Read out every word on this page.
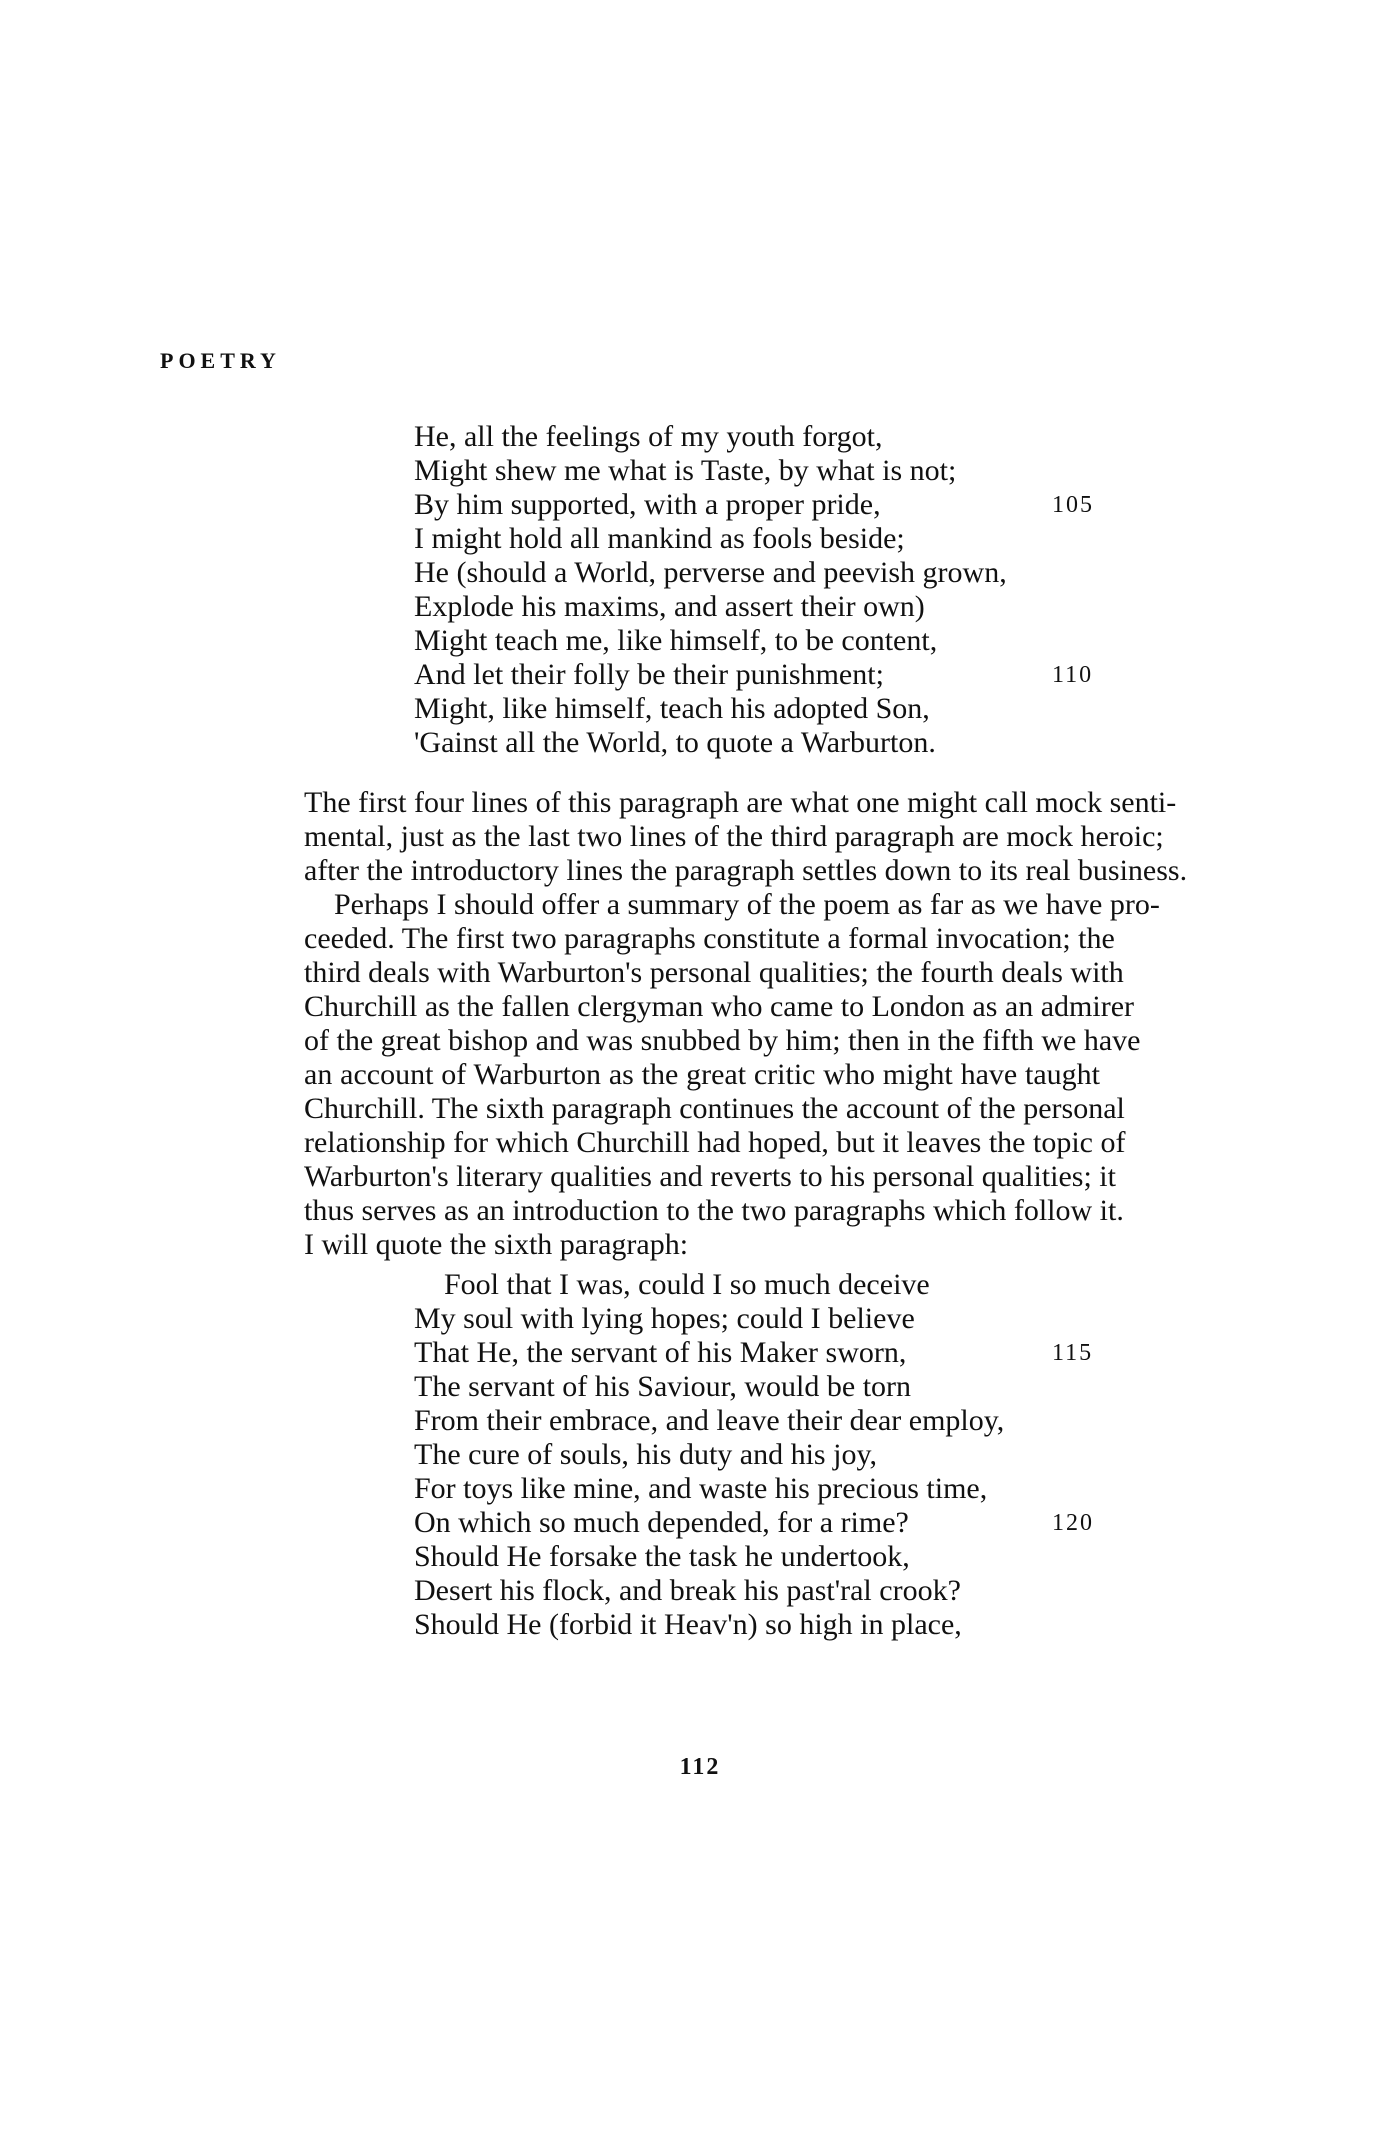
POETRY
He, all the feelings of my youth forgot,
Might shew me what is Taste, by what is not;
By him supported, with a proper pride,
I might hold all mankind as fools beside;
He (should a World, perverse and peevish grown,
Explode his maxims, and assert their own)
Might teach me, like himself, to be content,
And let their folly be their punishment;
Might, like himself, teach his adopted Son,
'Gainst all the World, to quote a Warburton.
105
110
The first four lines of this paragraph are what one might call mock senti-
mental, just as the last two lines of the third paragraph are mock heroic;
after the introductory lines the paragraph settles down to its real business.
Perhaps I should offer a summary of the poem as far as we have pro-
ceeded. The first two paragraphs constitute a formal invocation; the
third deals with Warburton's personal qualities; the fourth deals with
Churchill as the fallen clergyman who came to London as an admirer
of the great bishop and was snubbed by him; then in the fifth we have
an account of Warburton as the great critic who might have taught
Churchill. The sixth paragraph continues the account of the personal
relationship for which Churchill had hoped, but it leaves the topic of
Warburton's literary qualities and reverts to his personal qualities; it
thus serves as an introduction to the two paragraphs which follow it.
I will quote the sixth paragraph:
Fool that I was, could I so much deceive
My soul with lying hopes; could I believe
That He, the servant of his Maker sworn,
The servant of his Saviour, would be torn
From their embrace, and leave their dear employ,
The cure of souls, his duty and his joy,
For toys like mine, and waste his precious time,
On which so much depended, for a rime?
Should He forsake the task he undertook,
Desert his flock, and break his past'ral crook?
Should He (forbid it Heav'n) so high in place,
115
120
112
